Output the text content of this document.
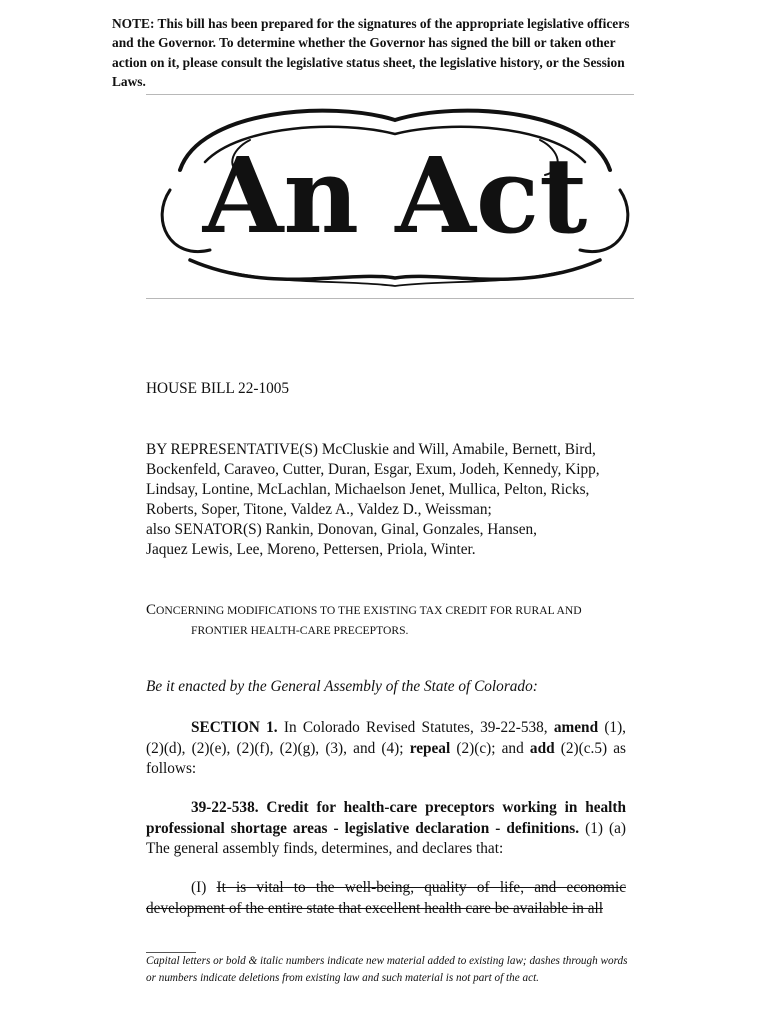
NOTE: This bill has been prepared for the signatures of the appropriate legislative officers and the Governor. To determine whether the Governor has signed the bill or taken other action on it, please consult the legislative status sheet, the legislative history, or the Session Laws.
An Act
HOUSE BILL 22-1005
BY REPRESENTATIVE(S) McCluskie and Will, Amabile, Bernett, Bird,
Bockenfeld, Caraveo, Cutter, Duran, Esgar, Exum, Jodeh, Kennedy, Kipp,
Lindsay, Lontine, McLachlan, Michaelson Jenet, Mullica, Pelton, Ricks,
Roberts, Soper, Titone, Valdez A., Valdez D., Weissman;
also SENATOR(S) Rankin, Donovan, Ginal, Gonzales, Hansen,
Jaquez Lewis, Lee, Moreno, Pettersen, Priola, Winter.
CONCERNING MODIFICATIONS TO THE EXISTING TAX CREDIT FOR RURAL AND
FRONTIER HEALTH-CARE PRECEPTORS.
Be it enacted by the General Assembly of the State of Colorado:
SECTION 1. In Colorado Revised Statutes, 39-22-538, amend (1), (2)(d), (2)(e), (2)(f), (2)(g), (3), and (4); repeal (2)(c); and add (2)(c.5) as follows:
39-22-538. Credit for health-care preceptors working in health professional shortage areas - legislative declaration - definitions. (1) (a) The general assembly finds, determines, and declares that:
(I) It is vital to the well-being, quality of life, and economic development of the entire state that excellent health care be available in all
Capital letters or bold & italic numbers indicate new material added to existing law; dashes through words or numbers indicate deletions from existing law and such material is not part of the act.
